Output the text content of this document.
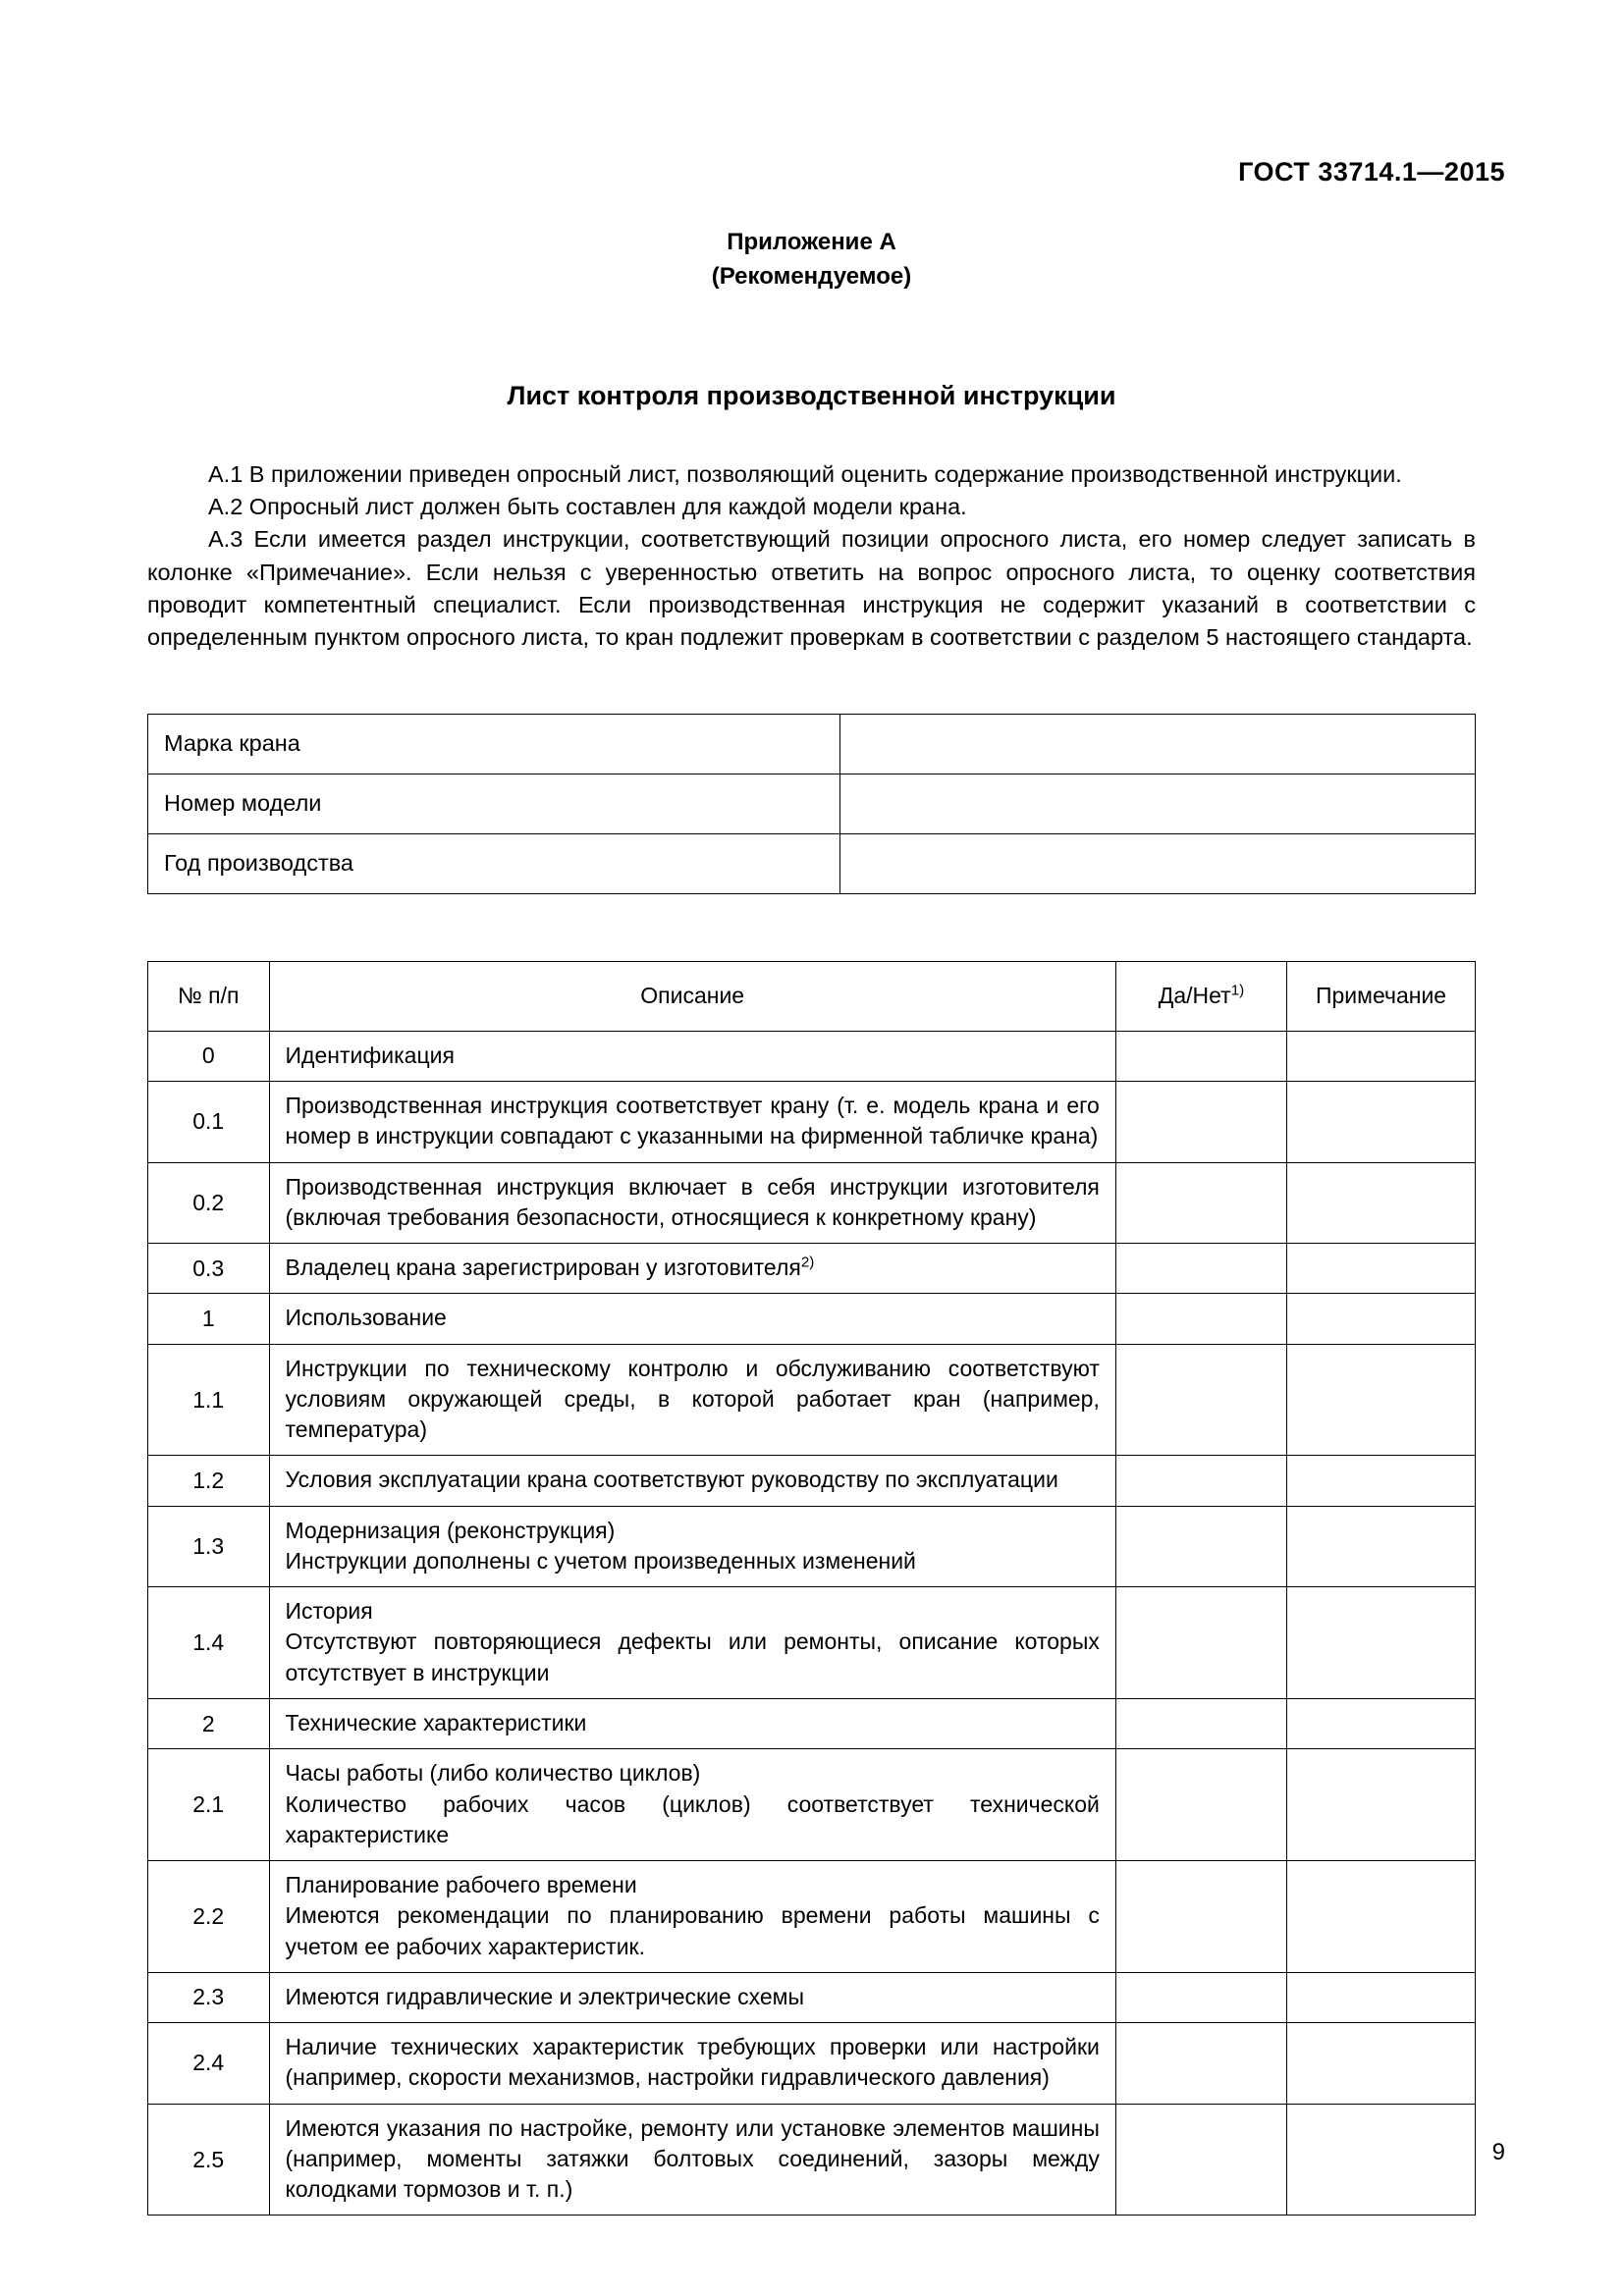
ГОСТ 33714.1—2015
Приложение А
(Рекомендуемое)
Лист контроля производственной инструкции

А.1 В приложении приведен опросный лист, позволяющий оценить содержание производственной инструкции.

А.2 Опросный лист должен быть составлен для каждой модели крана.

А.3 Если имеется раздел инструкции, соответствующий позиции опросного листа, его номер следует записать в колонке «Примечание». Если нельзя с уверенностью ответить на вопрос опросного листа, то оценку соответствия проводит компетентный специалист. Если производственная инструкция не содержит указаний в соответствии с определенным пунктом опросного листа, то кран подлежит проверкам в соответствии с разделом 5 настоящего стандарта.

Марка крана	
Номер модели	
Год производства	
№ п/п	Описание	Да/Нет$^{1)}$	Примечание
0	Идентификация		
0.1	Производственная инструкция соответствует крану (т. е. модель крана и его номер в инструкции совпадают с указанными на фирменной табличке крана)		
0.2	Производственная инструкция включает в себя инструкции изготовителя (включая требования безопасности, относящиеся к конкретному крану)		
0.3	Владелец крана зарегистрирован у изготовителя$^{2)}$		
1	Использование		
1.1	Инструкции по техническому контролю и обслуживанию соответствуют условиям окружающей среды, в которой работает кран (например, температура)		
1.2	Условия эксплуатации крана соответствуют руководству по эксплуатации		
1.3	Модернизация (реконструкция)
Инструкции дополнены с учетом произведенных изменений		
1.4	История
Отсутствуют повторяющиеся дефекты или ремонты, описание которых отсутствует в инструкции		
2	Технические характеристики		
2.1	Часы работы (либо количество циклов)
Количество рабочих часов (циклов) соответствует технической характеристике		
2.2	Планирование рабочего времени
Имеются рекомендации по планированию времени работы машины с учетом ее рабочих характеристик.		
2.3	Имеются гидравлические и электрические схемы		
2.4	Наличие технических характеристик требующих проверки или настройки (например, скорости механизмов, настройки гидравлического давления)		
2.5	Имеются указания по настройке, ремонту или установке элементов машины (например, моменты затяжки болтовых соединений, зазоры между колодками тормозов и т. п.)		
9
